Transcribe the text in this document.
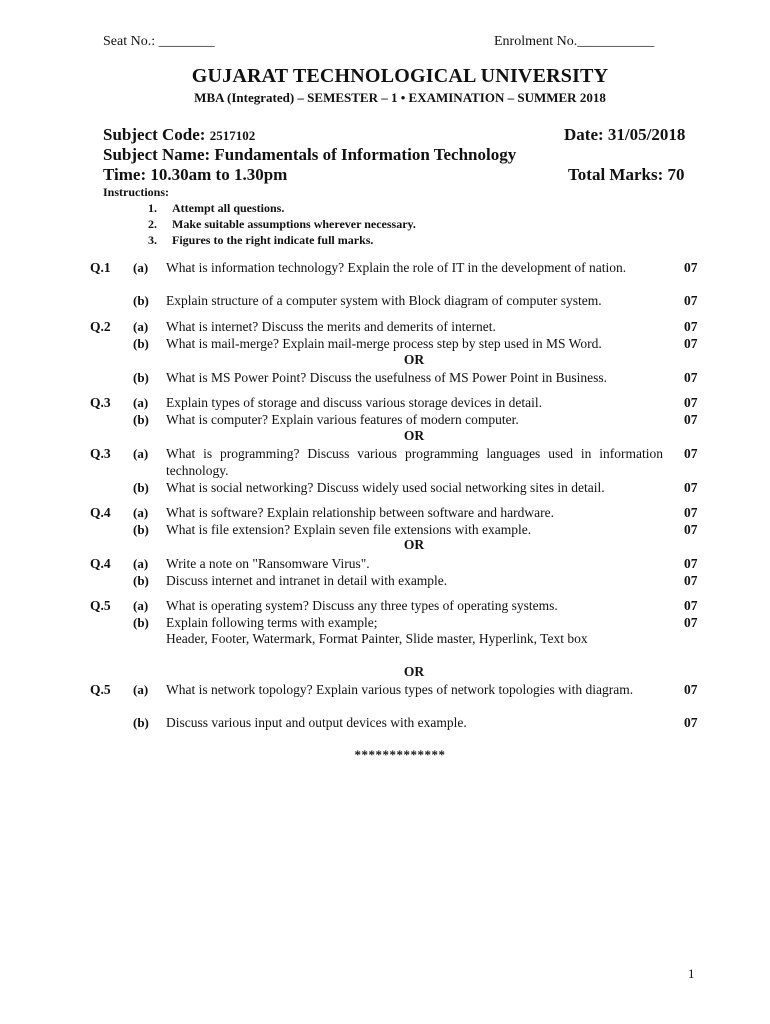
Seat No.: ________	Enrolment No.___________
GUJARAT TECHNOLOGICAL UNIVERSITY
MBA (Integrated) – SEMESTER – 1 • EXAMINATION – SUMMER 2018
Subject Code: 2517102	Date: 31/05/2018
Subject Name: Fundamentals of Information Technology
Time: 10.30am to 1.30pm	Total Marks: 70
Instructions:
1. Attempt all questions.
2. Make suitable assumptions wherever necessary.
3. Figures to the right indicate full marks.
Q.1 (a) What is information technology? Explain the role of IT in the development of nation.	07
(b) Explain structure of a computer system with Block diagram of computer system.	07
Q.2 (a) What is internet? Discuss the merits and demerits of internet.	07
(b) What is mail-merge? Explain mail-merge process step by step used in MS Word.	07
OR
(b) What is MS Power Point? Discuss the usefulness of MS Power Point in Business.	07
Q.3 (a) Explain types of storage and discuss various storage devices in detail.	07
(b) What is computer? Explain various features of modern computer.	07
OR
Q.3 (a) What is programming? Discuss various programming languages used in information technology.
07
(b) What is social networking? Discuss widely used social networking sites in detail.	07
Q.4 (a) What is software? Explain relationship between software and hardware.	07
(b) What is file extension? Explain seven file extensions with example.	07
OR
Q.4 (a) Write a note on "Ransomware Virus".	07
(b) Discuss internet and intranet in detail with example.	07
Q.5 (a) What is operating system? Discuss any three types of operating systems.	07
(b) Explain following terms with example;	07
Header, Footer, Watermark, Format Painter, Slide master, Hyperlink, Text box
OR
Q.5 (a) What is network topology? Explain various types of network topologies with diagram.	07
(b) Discuss various input and output devices with example.	07
*************
1
